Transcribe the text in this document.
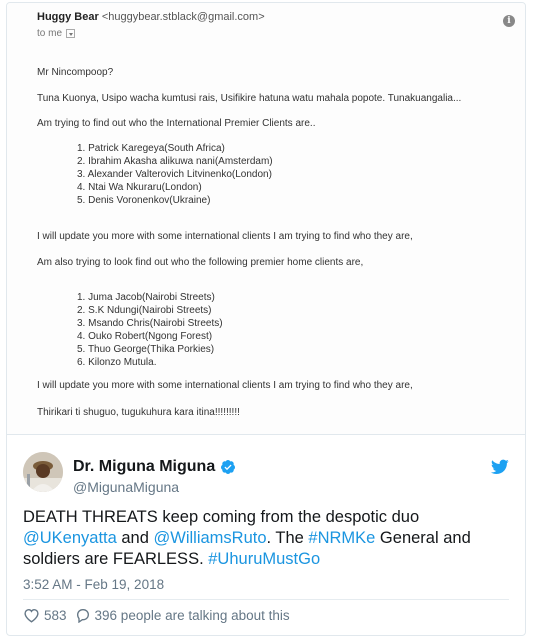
Huggy Bear <huggybear.stblack@gmail.com>
to me
i
Mr Nincompoop?
Tuna Kuonya, Usipo wacha kumtusi rais, Usifikire hatuna watu mahala popote. Tunakuangalia...
Am trying to find out who the International Premier Clients are..
1. Patrick Karegeya(South Africa)
2. Ibrahim Akasha alikuwa nani(Amsterdam)
3. Alexander Valterovich Litvinenko(London)
4. Ntai Wa Nkuraru(London)
5. Denis Voronenkov(Ukraine)
I will update you more with some international clients I am trying to find who they are,
Am also trying to look find out who the following premier home clients are,
1. Juma Jacob(Nairobi Streets)
2. S.K Ndungi(Nairobi Streets)
3. Msando Chris(Nairobi Streets)
4. Ouko Robert(Ngong Forest)
5. Thuo George(Thika Porkies)
6. Kilonzo Mutula.
I will update you more with some international clients I am trying to find who they are,
Thirikari ti shuguo, tugukuhura kara itina!!!!!!!!!
Dr. Miguna Miguna
@MigunaMiguna
DEATH THREATS keep coming from the despotic duo @UKenyatta and @WilliamsRuto. The #NRMKe General and soldiers are FEARLESS. #UhuruMustGo
3:52 AM - Feb 19, 2018
583 396 people are talking about this
